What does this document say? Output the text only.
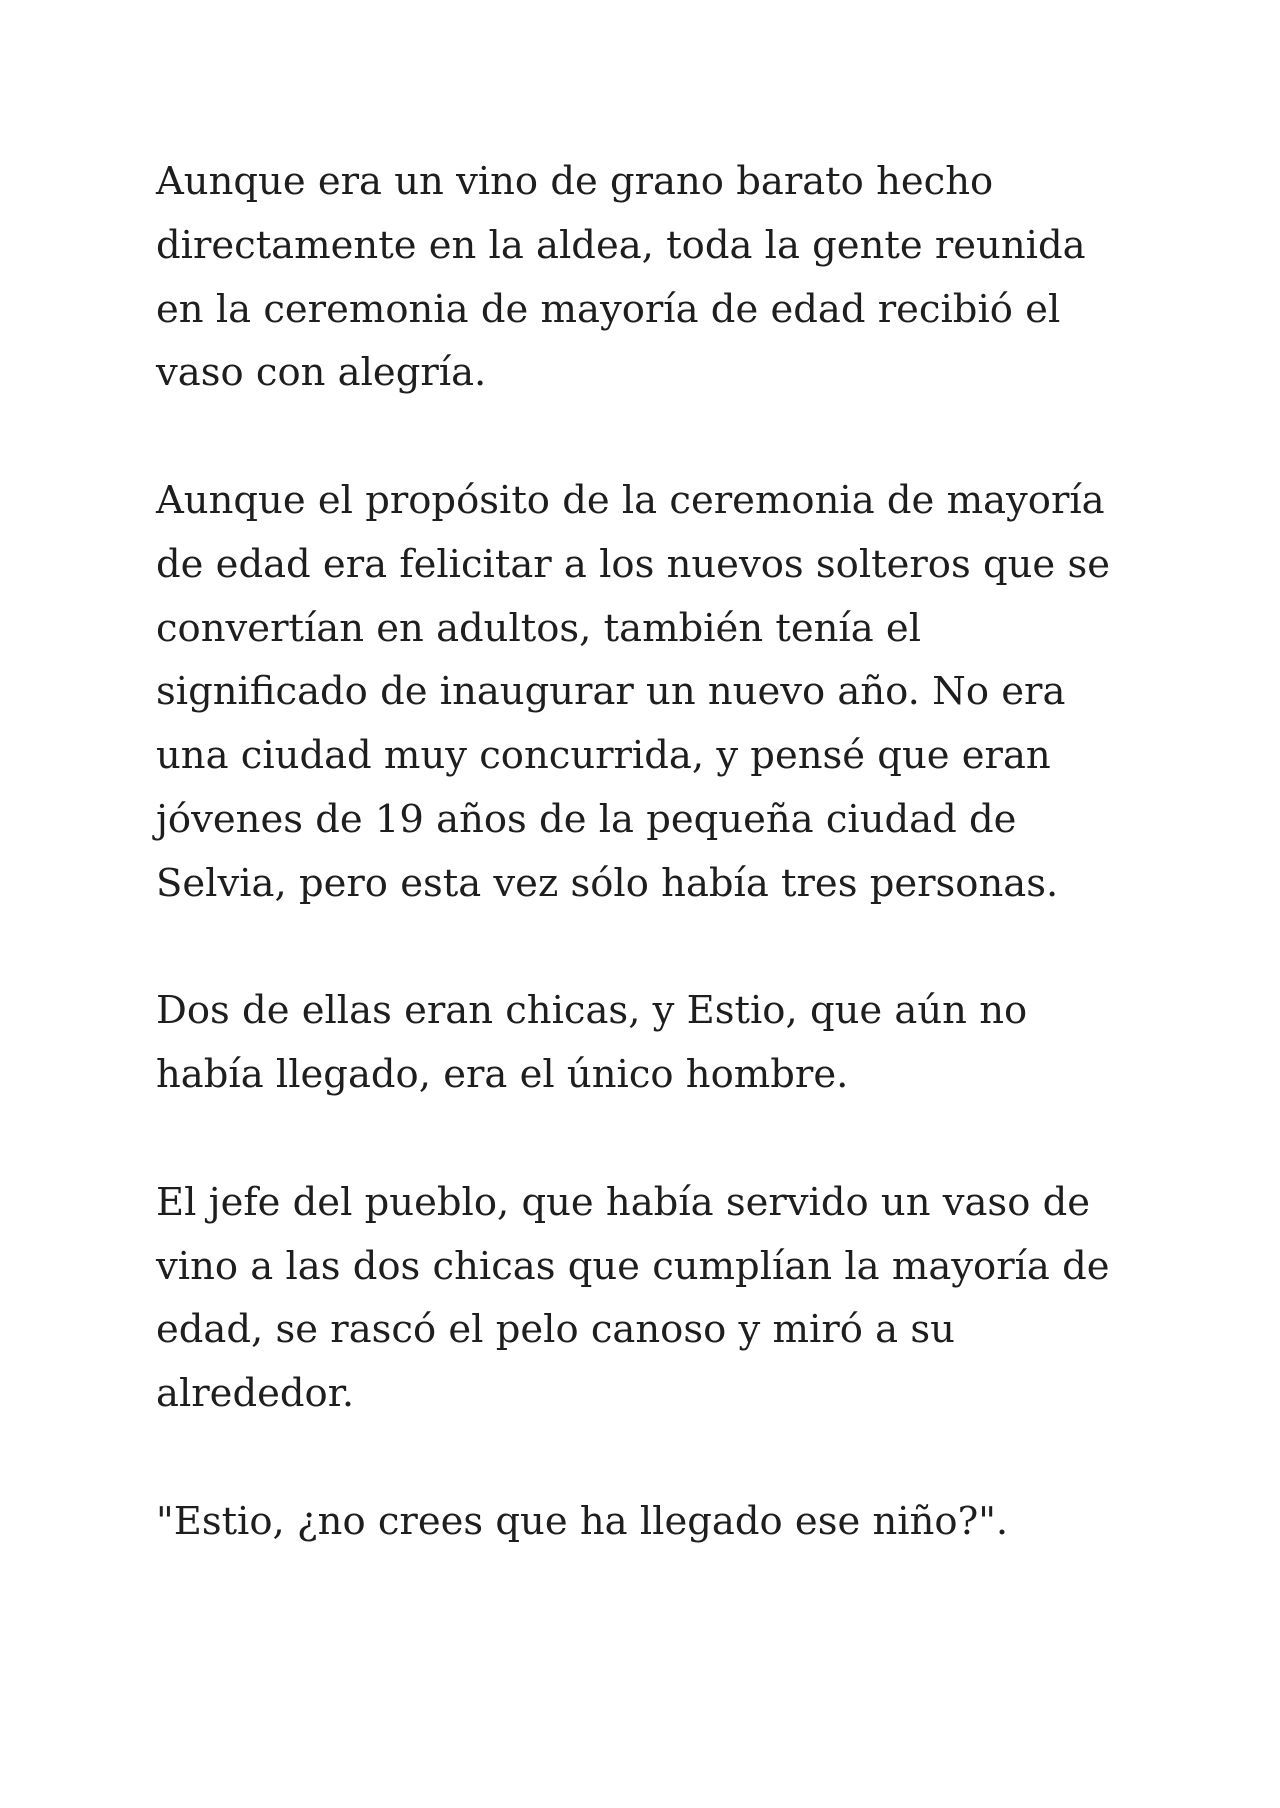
Aunque era un vino de grano barato hecho
directamente en la aldea, toda la gente reunida
en la ceremonia de mayoría de edad recibió el
vaso con alegría.

Aunque el propósito de la ceremonia de mayoría
de edad era felicitar a los nuevos solteros que se
convertían en adultos, también tenía el
significado de inaugurar un nuevo año. No era
una ciudad muy concurrida, y pensé que eran
jóvenes de 19 años de la pequeña ciudad de
Selvia, pero esta vez sólo había tres personas.

Dos de ellas eran chicas, y Estio, que aún no
había llegado, era el único hombre.

El jefe del pueblo, que había servido un vaso de
vino a las dos chicas que cumplían la mayoría de
edad, se rascó el pelo canoso y miró a su
alrededor.

"Estio, ¿no crees que ha llegado ese niño?".
